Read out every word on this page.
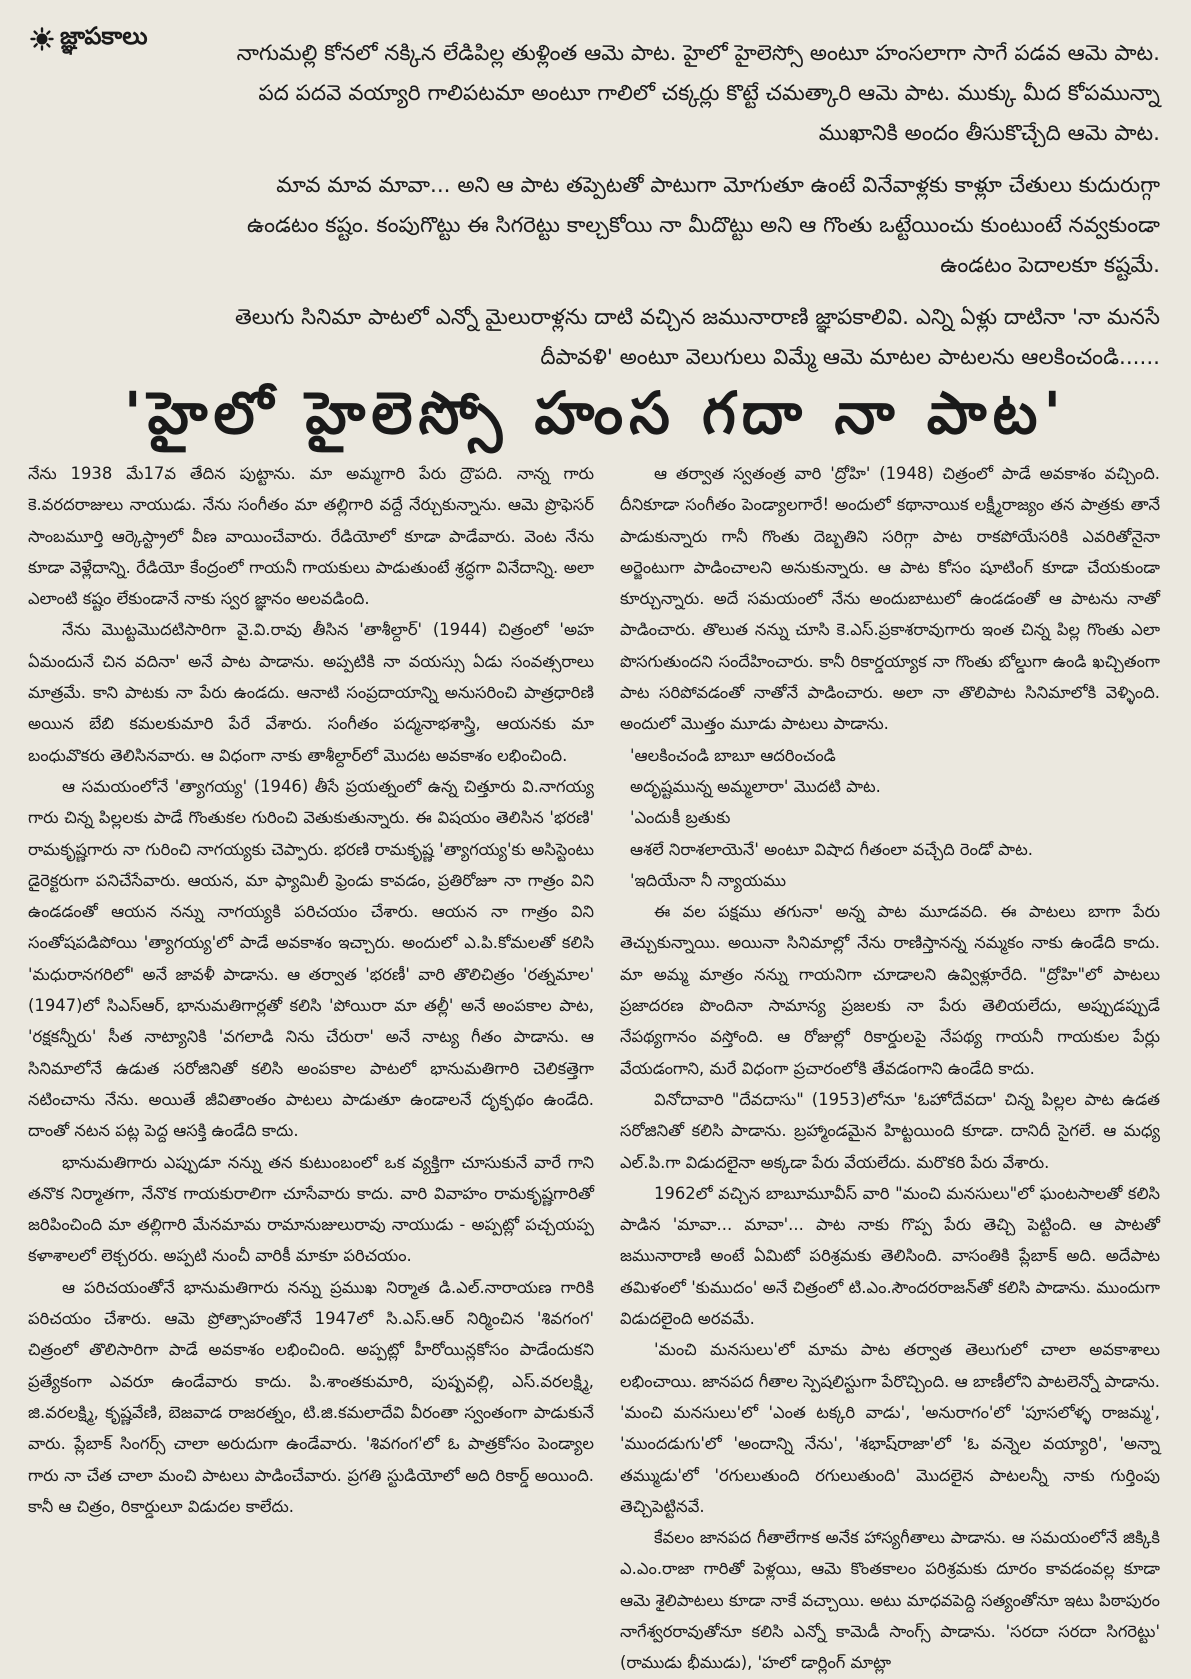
జ్ఞాపకాలు

నాగుమల్లి కోనలో నక్కిన లేడిపిల్ల తుళ్లింత ఆమె పాట. హైలో హైలెస్సో అంటూ హంసలాగా సాగే పడవ ఆమె పాట. పద పదవె వయ్యారి గాలిపటమా అంటూ గాలిలో చక్కర్లు కొట్టే చమత్కారి ఆమె పాట. ముక్కు మీద కోపమున్నా ముఖానికి అందం తీసుకొచ్చేది ఆమె పాట.

మావ మావ మావా... అని ఆ పాట తప్పెటతో పాటుగా మోగుతూ ఉంటే వినేవాళ్లకు కాళ్లూ చేతులు కుదురుగ్గా ఉండటం కష్టం. కంపుగొట్టు ఈ సిగరెట్టు కాల్చకోయి నా మీదొట్టు అని ఆ గొంతు ఒట్టేయించు కుంటుంటే నవ్వకుండా ఉండటం పెదాలకూ కష్టమే.

తెలుగు సినిమా పాటలో ఎన్నో మైలురాళ్లను దాటి వచ్చిన జమునారాణి జ్ఞాపకాలివి. ఎన్ని ఏళ్లు దాటినా 'నా మనసే దీపావళి' అంటూ వెలుగులు విమ్మే ఆమె మాటల పాటలను ఆలకించండి......

'హైలో హైలెస్సో హంస గదా నా పాట'

నేను 1938 మే17వ తేదిన పుట్టాను. మా అమ్మగారి పేరు ద్రౌపది. నాన్న గారు కె.వరదరాజులు నాయుడు. నేను సంగీతం మా తల్లిగారి వద్దే నేర్చుకున్నాను. ఆమె ప్రొఫెసర్ సాంబమూర్తి ఆర్కెస్ట్రాలో వీణ వాయించేవారు. రేడియోలో కూడా పాడేవారు. వెంట నేను కూడా వెళ్లేదాన్ని. రేడియో కేంద్రంలో గాయనీ గాయకులు పాడుతుంటే శ్రద్ధగా వినేదాన్ని. అలా ఎలాంటి కష్టం లేకుండానే నాకు స్వర జ్ఞానం అలవడింది.

నేను మొట్టమొదటిసారిగా వై.వి.రావు తీసిన 'తాశీల్దార్' (1944) చిత్రంలో 'అహ ఏమందునే చిన వదినా' అనే పాట పాడాను. అప్పటికి నా వయస్సు ఏడు సంవత్సరాలు మాత్రమే. కాని పాటకు నా పేరు ఉండదు. ఆనాటి సంప్రదాయాన్ని అనుసరించి పాత్రధారిణి అయిన బేబి కమలకుమారి పేరే వేశారు. సంగీతం పద్మనాభశాస్త్రి, ఆయనకు మా బంధువొకరు తెలిసినవారు. ఆ విధంగా నాకు తాశీల్దార్‌లో మొదట అవకాశం లభించింది.

ఆ సమయంలోనే 'త్యాగయ్య' (1946) తీసే ప్రయత్నంలో ఉన్న చిత్తూరు వి.నాగయ్య గారు చిన్న పిల్లలకు పాడే గొంతుకల గురించి వెతుకుతున్నారు. ఈ విషయం తెలిసిన 'భరణి' రామకృష్ణగారు నా గురించి నాగయ్యకు చెప్పారు. భరణి రామకృష్ణ 'త్యాగయ్య'కు అసిస్టెంటు డైరెక్టరుగా పనిచేసేవారు. ఆయన, మా ఫ్యామిలీ ఫ్రెండు కావడం, ప్రతిరోజూ నా గాత్రం విని ఉండడంతో ఆయన నన్ను నాగయ్యకి పరిచయం చేశారు. ఆయన నా గాత్రం విని సంతోషపడిపోయి 'త్యాగయ్య'లో పాడే అవకాశం ఇచ్చారు. అందులో ఎ.పి.కోమలతో కలిసి 'మధురానగరిలో' అనే జావళీ పాడాను. ఆ తర్వాత 'భరణీ' వారి తొలిచిత్రం 'రత్నమాల' (1947)లో సిఎస్ఆర్, భానుమతిగార్లతో కలిసి 'పోయిరా మా తల్లీ' అనే అంపకాల పాట, 'రక్షకన్నీరు' సీత నాట్యానికి 'వగలాడి నిను చేరురా' అనే నాట్య గీతం పాడాను. ఆ సినిమాలోనే ఉడుత సరోజినితో కలిసి అంపకాల పాటలో భానుమతిగారి చెలికత్తెగా నటించాను నేను. అయితే జీవితాంతం పాటలు పాడుతూ ఉండాలనే దృక్పథం ఉండేది. దాంతో నటన పట్ల పెద్ద ఆసక్తి ఉండేది కాదు.

భానుమతిగారు ఎప్పుడూ నన్ను తన కుటుంబంలో ఒక వ్యక్తిగా చూసుకునే వారే గాని తనొక నిర్మాతగా, నేనొక గాయకురాలిగా చూసేవారు కాదు. వారి వివాహం రామకృష్ణగారితో జరిపించింది మా తల్లిగారి మేనమామ రామానుజులురావు నాయుడు - అప్పట్లో పచ్చయప్ప కళాశాలలో లెక్చరరు. అప్పటి నుంచీ వారికీ మాకూ పరిచయం.

ఆ పరిచయంతోనే భానుమతిగారు నన్ను ప్రముఖ నిర్మాత డి.ఎల్.నారాయణ గారికి పరిచయం చేశారు. ఆమె ప్రోత్సాహంతోనే 1947లో సి.ఎస్.ఆర్ నిర్మించిన 'శివగంగ' చిత్రంలో తొలిసారిగా పాడే అవకాశం లభించింది. అప్పట్లో హీరోయిన్లకోసం పాడేందుకని ప్రత్యేకంగా ఎవరూ ఉండేవారు కాదు. పి.శాంతకుమారి, పుష్పవల్లి, ఎస్.వరలక్ష్మి, జి.వరలక్ష్మి, కృష్ణవేణి, బెజవాడ రాజరత్నం, టి.జి.కమలాదేవి వీరంతా స్వంతంగా పాడుకునే వారు. ప్లేబాక్ సింగర్స్ చాలా అరుదుగా ఉండేవారు. 'శివగంగ'లో ఓ పాత్రకోసం పెండ్యాల గారు నా చేత చాలా మంచి పాటలు పాడించేవారు. ప్రగతి స్టుడియోలో అది రికార్డ్ అయింది. కానీ ఆ చిత్రం, రికార్డులూ విడుదల కాలేదు.

ఆ తర్వాత స్వతంత్ర వారి 'ద్రోహి' (1948) చిత్రంలో పాడే అవకాశం వచ్చింది. దీనికూడా సంగీతం పెండ్యాలగారే! అందులో కథానాయిక లక్ష్మీరాజ్యం తన పాత్రకు తానే పాడుకున్నారు గానీ గొంతు దెబ్బతిని సరిగ్గా పాట రాకపోయేసరికి ఎవరితోనైనా అర్జెంటుగా పాడించాలని అనుకున్నారు. ఆ పాట కోసం షూటింగ్ కూడా చేయకుండా కూర్చున్నారు. అదే సమయంలో నేను అందుబాటులో ఉండడంతో ఆ పాటను నాతో పాడించారు. తొలుత నన్ను చూసి కె.ఎస్.ప్రకాశరావుగారు ఇంత చిన్న పిల్ల గొంతు ఎలా పొసగుతుందని సందేహించారు. కానీ రికార్డయ్యాక నా గొంతు బోల్డుగా ఉండి ఖచ్చితంగా పాట సరిపోవడంతో నాతోనే పాడించారు. అలా నా తొలిపాట సినిమాలోకి వెళ్ళింది. అందులో మొత్తం మూడు పాటలు పాడాను.

'ఆలకించండి బాబూ ఆదరించండి

అదృష్టమున్న అమ్మలారా' మొదటి పాట.

'ఎందుకీ బ్రతుకు

ఆశలే నిరాశలాయెనే' అంటూ విషాద గీతంలా వచ్చేది రెండో పాట.

'ఇదియేనా నీ న్యాయము

ఈ వల పక్షము తగునా' అన్న పాట మూడవది. ఈ పాటలు బాగా పేరు తెచ్చుకున్నాయి. అయినా సినిమాల్లో నేను రాణిస్తానన్న నమ్మకం నాకు ఉండేది కాదు. మా అమ్మ మాత్రం నన్ను గాయనిగా చూడాలని ఉవ్విళ్లూరేది. "ద్రోహి"లో పాటలు ప్రజాదరణ పొందినా సామాన్య ప్రజలకు నా పేరు తెలియలేదు, అప్పుడప్పుడే నేపథ్యగానం వస్తోంది. ఆ రోజుల్లో రికార్డులపై నేపథ్య గాయనీ గాయకుల పేర్లు వేయడంగాని, మరే విధంగా ప్రచారంలోకి తేవడంగాని ఉండేది కాదు.

వినోదావారి "దేవదాసు" (1953)లోనూ 'ఓహోదేవదా' చిన్న పిల్లల పాట ఉడత సరోజినితో కలిసి పాడాను. బ్రహ్మాండమైన హిట్టయింది కూడా. దానిదీ సైగలే. ఆ మధ్య ఎల్.పి.గా విడుదలైనా అక్కడా పేరు వేయలేదు. మరొకరి పేరు వేశారు.

1962లో వచ్చిన బాబూమూవీస్ వారి "మంచి మనసులు"లో ఘంటసాలతో కలిసి పాడిన 'మావా... మావా'... పాట నాకు గొప్ప పేరు తెచ్చి పెట్టింది. ఆ పాటతో జమునారాణి అంటే ఏమిటో పరిశ్రమకు తెలిసింది. వాసంతికి ప్లేబాక్ అది. అదేపాట తమిళంలో 'కుముదం' అనే చిత్రంలో టి.ఎం.సౌందరరాజన్‌తో కలిసి పాడాను. ముందుగా విడుదలైంది అరవమే.

'మంచి మనసులు'లో మామ పాట తర్వాత తెలుగులో చాలా అవకాశాలు లభించాయి. జానపద గీతాల స్పెషలిస్టుగా పేరొచ్చింది. ఆ బాణీలోని పాటలెన్నో పాడాను. 'మంచి మనసులు'లో 'ఎంత టక్కరి వాడు', 'అనురాగం'లో 'పూసలోళ్ళ రాజమ్మ', 'ముందడుగు'లో 'అందాన్ని నేను', 'శభాష్‌రాజా'లో 'ఓ వన్నెల వయ్యారి', 'అన్నా తమ్ముడు'లో 'రగులుతుంది రగులుతుంది' మొదలైన పాటలన్నీ నాకు గుర్తింపు తెచ్చిపెట్టినవే.

కేవలం జానపద గీతాలేగాక అనేక హాస్యగీతాలు పాడాను. ఆ సమయంలోనే జిక్కికి ఎ.ఎం.రాజా గారితో పెళ్లయి, ఆమె కొంతకాలం పరిశ్రమకు దూరం కావడంవల్ల కూడా ఆమె శైలిపాటలు కూడా నాకే వచ్చాయి. అటు మాధవపెద్ది సత్యంతోనూ ఇటు పిఠాపురం నాగేశ్వరరావుతోనూ కలిసి ఎన్నో కామెడీ సాంగ్స్ పాడాను. 'సరదా సరదా సిగరెట్టు' (రాముడు భీముడు), 'హలో డార్లింగ్ మాట్లా
